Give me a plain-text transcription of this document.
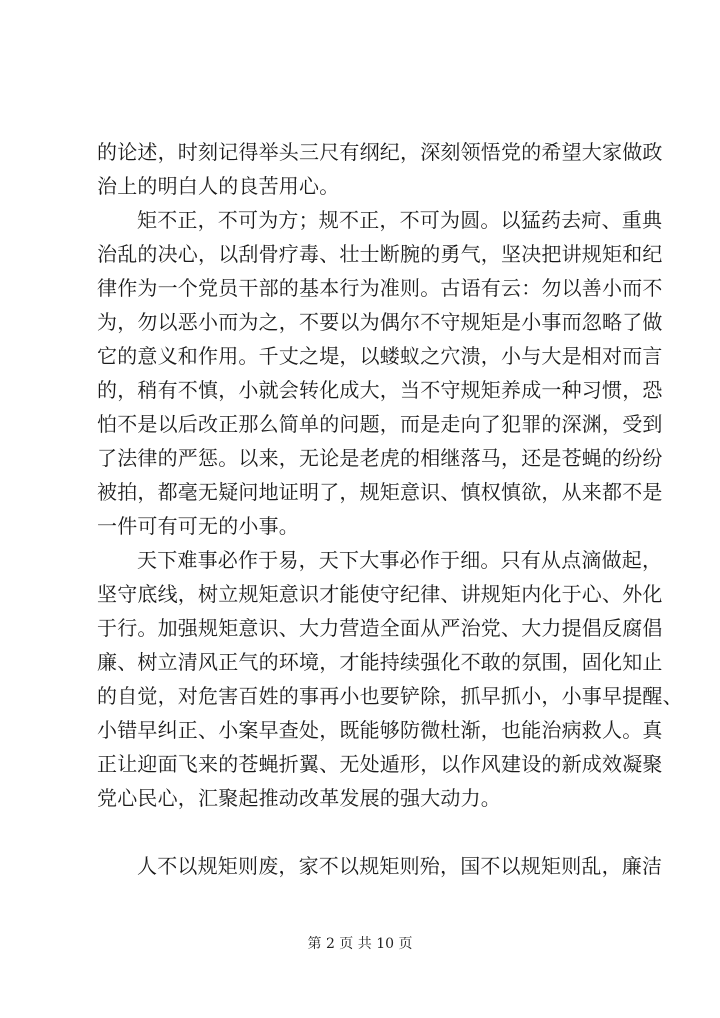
的论述，时刻记得举头三尺有纲纪，深刻领悟党的希望大家做政
治上的明白人的良苦用心。
矩不正，不可为方；规不正，不可为圆。以猛药去疴、重典
治乱的决心，以刮骨疗毒、壮士断腕的勇气，坚决把讲规矩和纪
律作为一个党员干部的基本行为准则。古语有云：勿以善小而不
为，勿以恶小而为之，不要以为偶尔不守规矩是小事而忽略了做
它的意义和作用。千丈之堤，以蝼蚁之穴溃，小与大是相对而言
的，稍有不慎，小就会转化成大，当不守规矩养成一种习惯，恐
怕不是以后改正那么简单的问题，而是走向了犯罪的深渊，受到
了法律的严惩。以来，无论是老虎的相继落马，还是苍蝇的纷纷
被拍，都毫无疑问地证明了，规矩意识、慎权慎欲，从来都不是
一件可有可无的小事。
天下难事必作于易，天下大事必作于细。只有从点滴做起，
坚守底线，树立规矩意识才能使守纪律、讲规矩内化于心、外化
于行。加强规矩意识、大力营造全面从严治党、大力提倡反腐倡
廉、树立清风正气的环境，才能持续强化不敢的氛围，固化知止
的自觉，对危害百姓的事再小也要铲除，抓早抓小，小事早提醒、
小错早纠正、小案早查处，既能够防微杜渐，也能治病救人。真
正让迎面飞来的苍蝇折翼、无处遁形，以作风建设的新成效凝聚
党心民心，汇聚起推动改革发展的强大动力。
人不以规矩则废，家不以规矩则殆，国不以规矩则乱，廉洁
第 2 页 共 10 页
